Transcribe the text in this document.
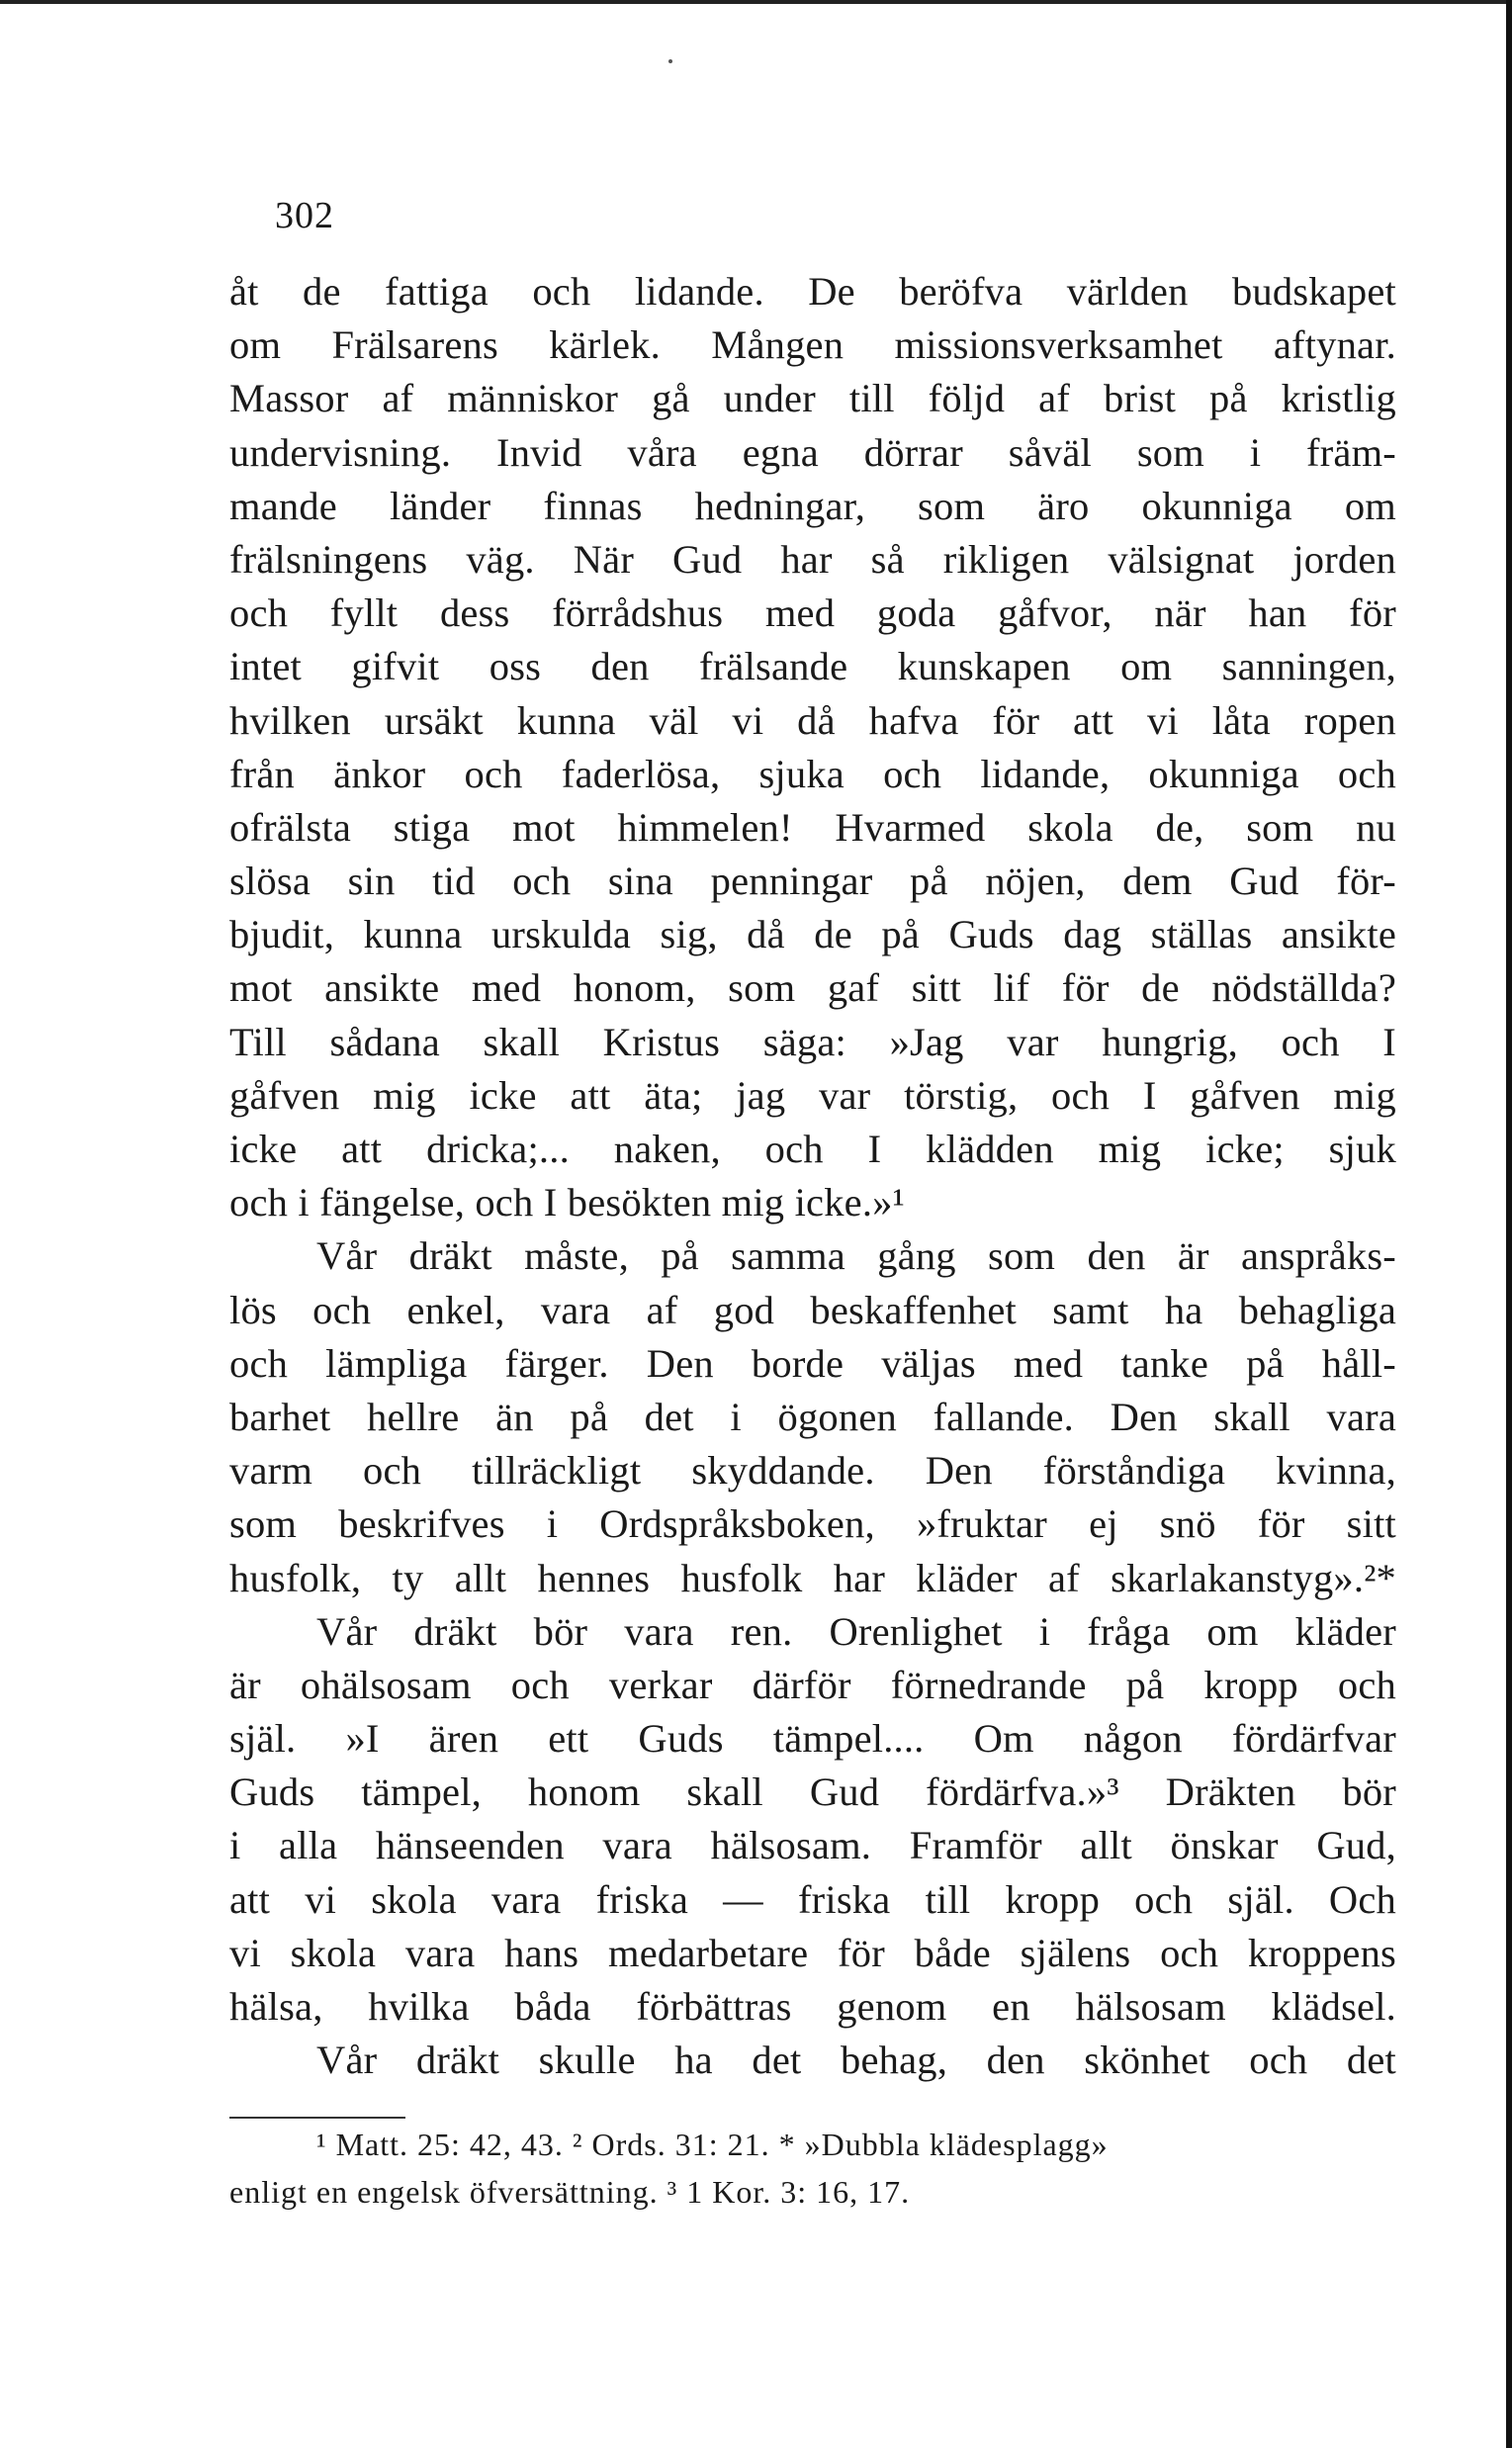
302
åt de fattiga och lidande. De beröfva världen budskapet
om Frälsarens kärlek. Mången missionsverksamhet aftynar.
Massor af människor gå under till följd af brist på kristlig
undervisning. Invid våra egna dörrar såväl som i främ-
mande länder finnas hedningar, som äro okunniga om
frälsningens väg. När Gud har så rikligen välsignat jorden
och fyllt dess förrådshus med goda gåfvor, när han för
intet gifvit oss den frälsande kunskapen om sanningen,
hvilken ursäkt kunna väl vi då hafva för att vi låta ropen
från änkor och faderlösa, sjuka och lidande, okunniga och
ofrälsta stiga mot himmelen! Hvarmed skola de, som nu
slösa sin tid och sina penningar på nöjen, dem Gud för-
bjudit, kunna urskulda sig, då de på Guds dag ställas ansikte
mot ansikte med honom, som gaf sitt lif för de nödställda?
Till sådana skall Kristus säga: »Jag var hungrig, och I
gåfven mig icke att äta; jag var törstig, och I gåfven mig
icke att dricka;... naken, och I klädden mig icke; sjuk
och i fängelse, och I besökten mig icke.»¹
Vår dräkt måste, på samma gång som den är anspråks-
lös och enkel, vara af god beskaffenhet samt ha behagliga
och lämpliga färger. Den borde väljas med tanke på håll-
barhet hellre än på det i ögonen fallande. Den skall vara
varm och tillräckligt skyddande. Den förståndiga kvinna,
som beskrifves i Ordspråksboken, »fruktar ej snö för sitt
husfolk, ty allt hennes husfolk har kläder af skarlakanstyg».²*
Vår dräkt bör vara ren. Orenlighet i fråga om kläder
är ohälsosam och verkar därför förnedrande på kropp och
själ. »I ären ett Guds tämpel.... Om någon fördärfvar
Guds tämpel, honom skall Gud fördärfva.»³ Dräkten bör
i alla hänseenden vara hälsosam. Framför allt önskar Gud,
att vi skola vara friska — friska till kropp och själ. Och
vi skola vara hans medarbetare för både själens och kroppens
hälsa, hvilka båda förbättras genom en hälsosam klädsel.
Vår dräkt skulle ha det behag, den skönhet och det
¹ Matt. 25: 42, 43. ² Ords. 31: 21. * »Dubbla klädesplagg»
enligt en engelsk öfversättning. ³ 1 Kor. 3: 16, 17.
